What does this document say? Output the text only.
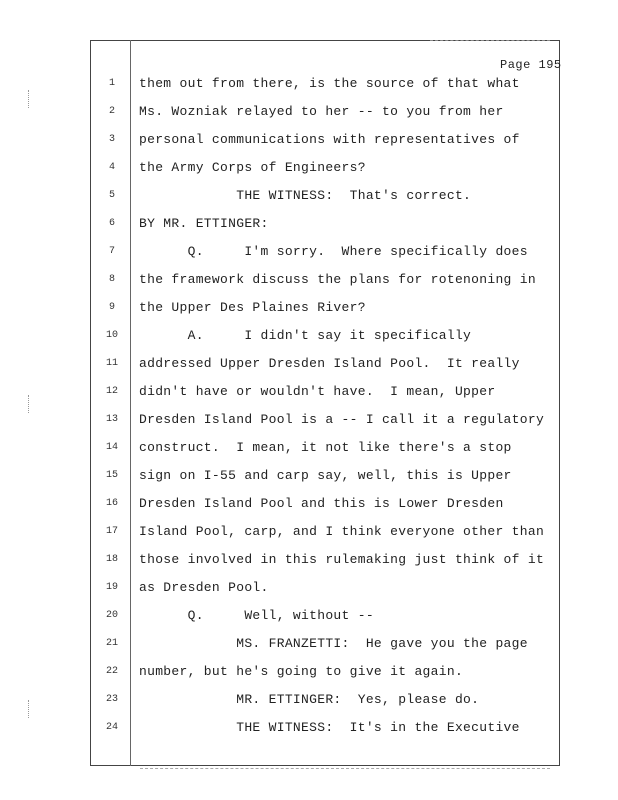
Page 195
1	them out from there, is the source of that what
2	Ms. Wozniak relayed to her -- to you from her
3	personal communications with representatives of
4	the Army Corps of Engineers?
5	THE WITNESS:  That's correct.
6	BY MR. ETTINGER:
7	Q.     I'm sorry.  Where specifically does
8	the framework discuss the plans for rotenoning in
9	the Upper Des Plaines River?
10	A.     I didn't say it specifically
11	addressed Upper Dresden Island Pool.  It really
12	didn't have or wouldn't have.  I mean, Upper
13	Dresden Island Pool is a -- I call it a regulatory
14	construct.  I mean, it not like there's a stop
15	sign on I-55 and carp say, well, this is Upper
16	Dresden Island Pool and this is Lower Dresden
17	Island Pool, carp, and I think everyone other than
18	those involved in this rulemaking just think of it
19	as Dresden Pool.
20	Q.     Well, without --
21	MS. FRANZETTI:  He gave you the page
22	number, but he's going to give it again.
23	MR. ETTINGER:  Yes, please do.
24	THE WITNESS:  It's in the Executive
